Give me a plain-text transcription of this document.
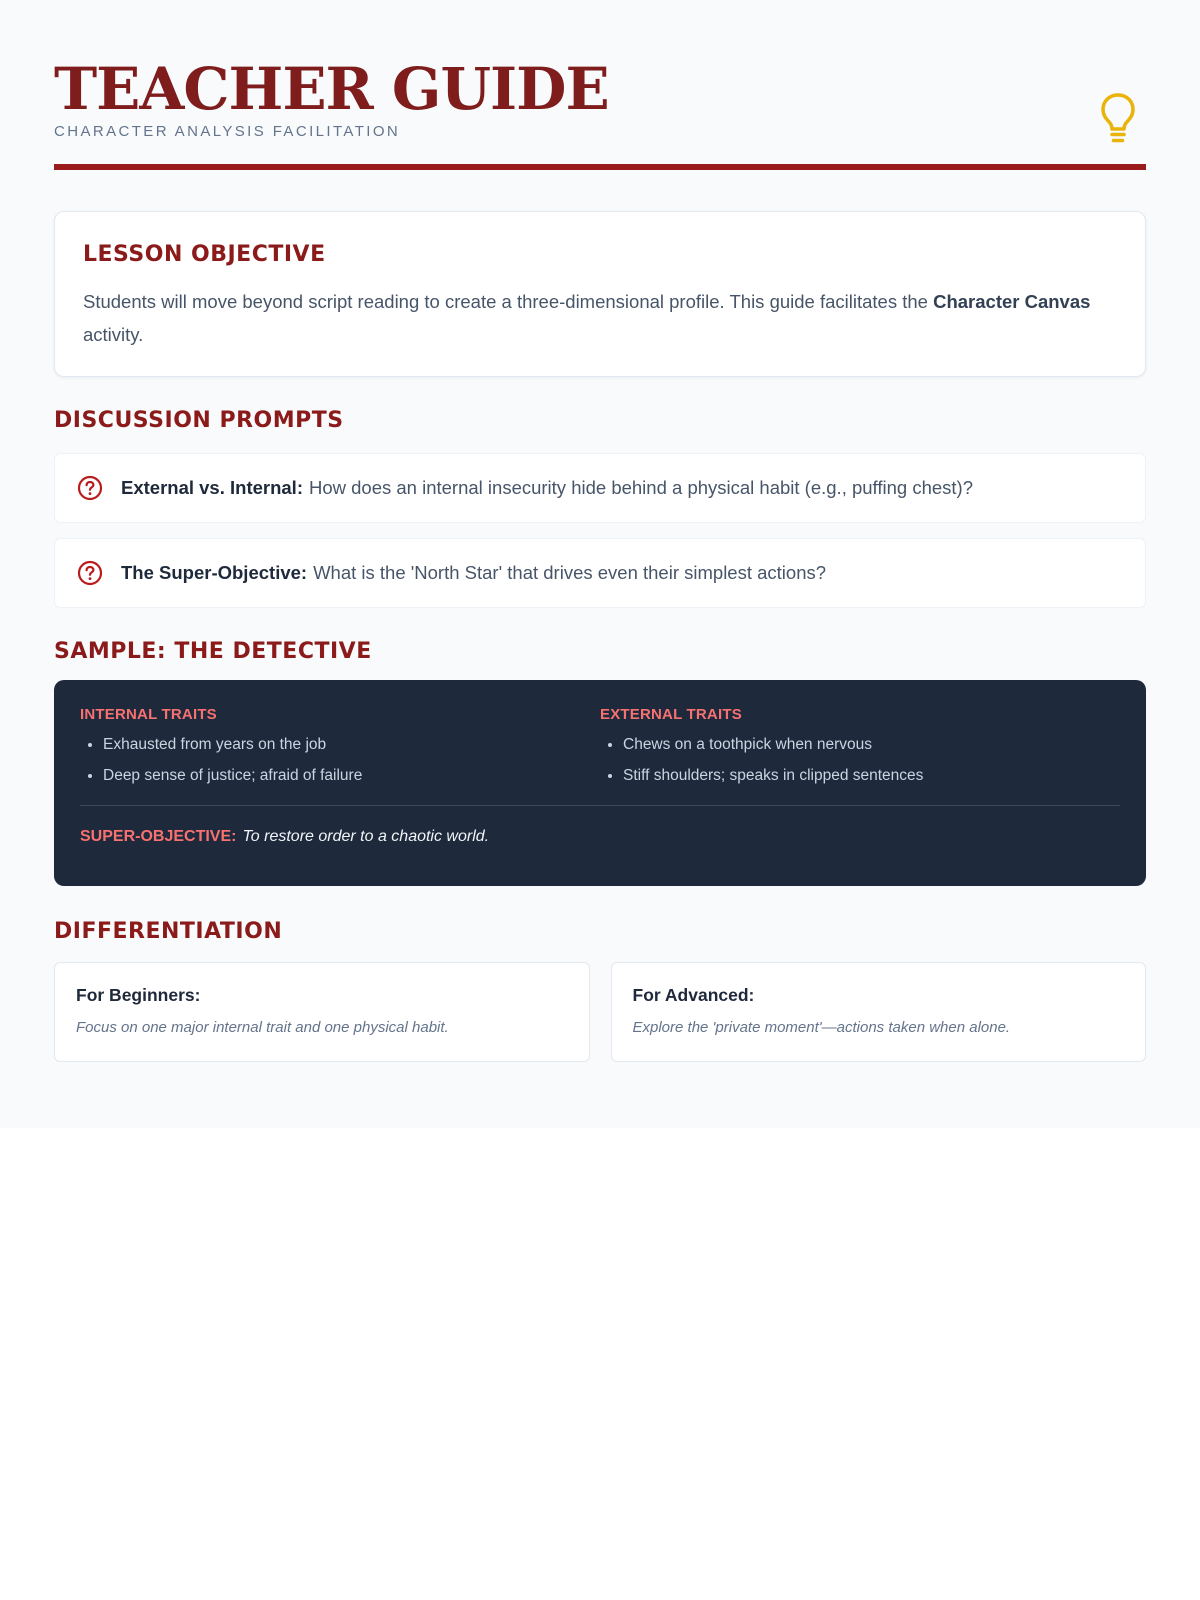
TEACHER GUIDE
CHARACTER ANALYSIS FACILITATION
LESSON OBJECTIVE

Students will move beyond script reading to create a three-dimensional profile. This guide facilitates the Character Canvas activity.

DISCUSSION PROMPTS
External vs. Internal: How does an internal insecurity hide behind a physical habit (e.g., puffing chest)?
The Super-Objective: What is the 'North Star' that drives even their simplest actions?
SAMPLE: THE DETECTIVE
INTERNAL TRAITS
• Exhausted from years on the job
• Deep sense of justice; afraid of failure
EXTERNAL TRAITS
• Chews on a toothpick when nervous
• Stiff shoulders; speaks in clipped sentences
SUPER-OBJECTIVE: To restore order to a chaotic world.
DIFFERENTIATION
For Beginners:
Focus on one major internal trait and one physical habit.
For Advanced:
Explore the 'private moment'—actions taken when alone.
